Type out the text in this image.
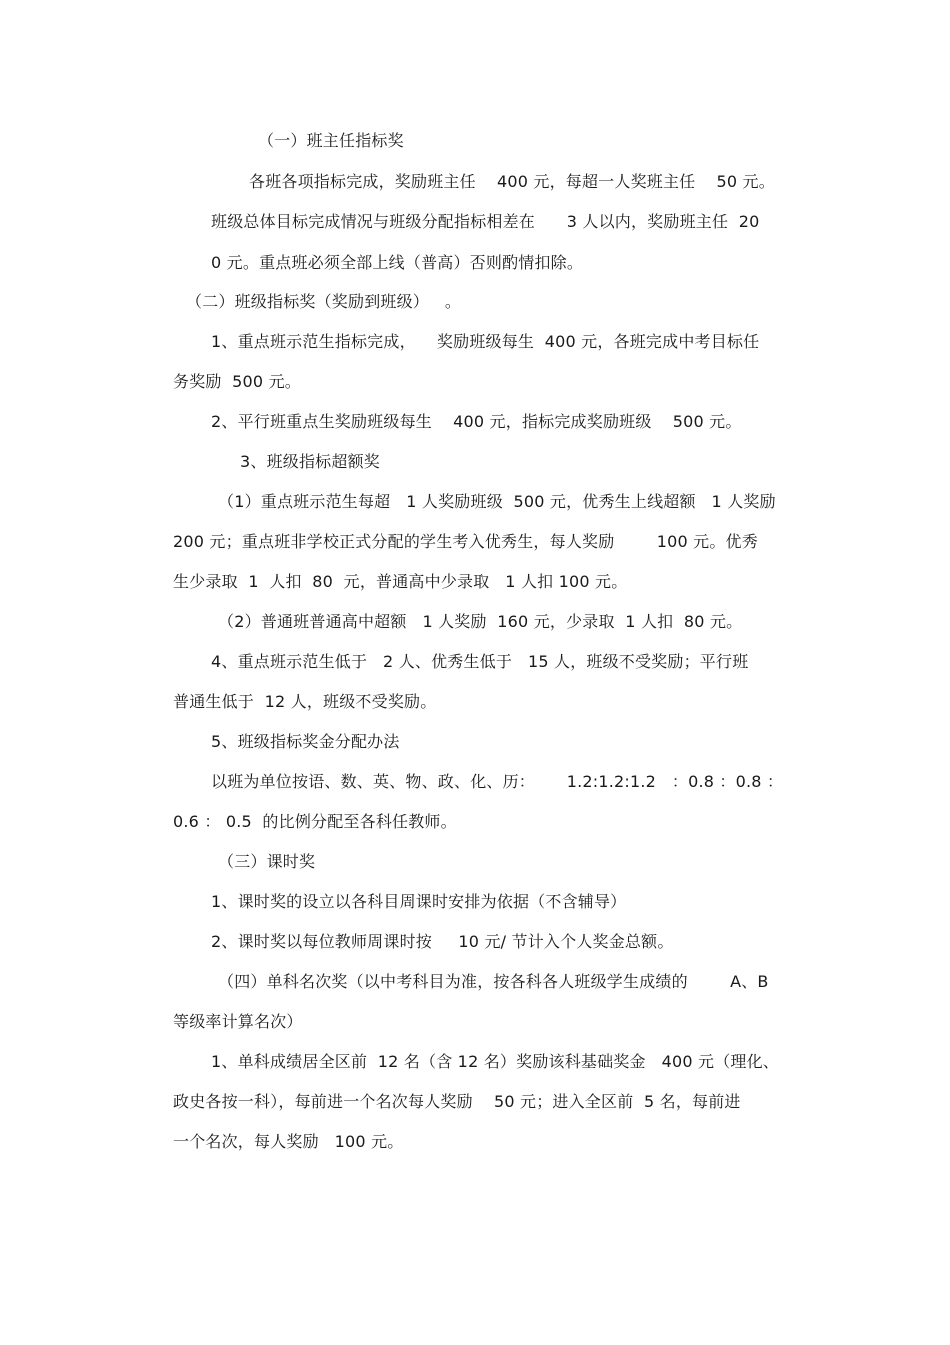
（一）班主任指标奖
各班各项指标完成，奖励班主任    400 元，每超一人奖班主任    50 元。
班级总体目标完成情况与班级分配指标相差在      3 人以内，奖励班主任  20
0 元。重点班必须全部上线（普高）否则酌情扣除。
（二）班级指标奖（奖励到班级）   。
1、重点班示范生指标完成，    奖励班级每生  400 元，各班完成中考目标任
务奖励  500 元。
2、平行班重点生奖励班级每生    400 元，指标完成奖励班级    500 元。
3、班级指标超额奖
（1）重点班示范生每超   1 人奖励班级  500 元，优秀生上线超额   1 人奖励
200 元；重点班非学校正式分配的学生考入优秀生，每人奖励        100 元。优秀
生少录取  1  人扣  80  元，普通高中少录取   1 人扣 100 元。
（2）普通班普通高中超额   1 人奖励  160 元，少录取  1 人扣  80 元。
4、重点班示范生低于   2 人、优秀生低于   15 人，班级不受奖励；平行班
普通生低于  12 人，班级不受奖励。
5、班级指标奖金分配办法
以班为单位按语、数、英、物、政、化、历：      1.2:1.2:1.2   ：0.8 ：0.8 ：
0.6 ： 0.5  的比例分配至各科任教师。
（三）课时奖
1、课时奖的设立以各科目周课时安排为依据（不含辅导）
2、课时奖以每位教师周课时按     10 元/ 节计入个人奖金总额。
（四）单科名次奖（以中考科目为准，按各科各人班级学生成绩的        A、B
等级率计算名次）
1、单科成绩居全区前  12 名（含 12 名）奖励该科基础奖金   400 元（理化、
政史各按一科），每前进一个名次每人奖励    50 元；进入全区前  5 名，每前进
一个名次，每人奖励   100 元。
